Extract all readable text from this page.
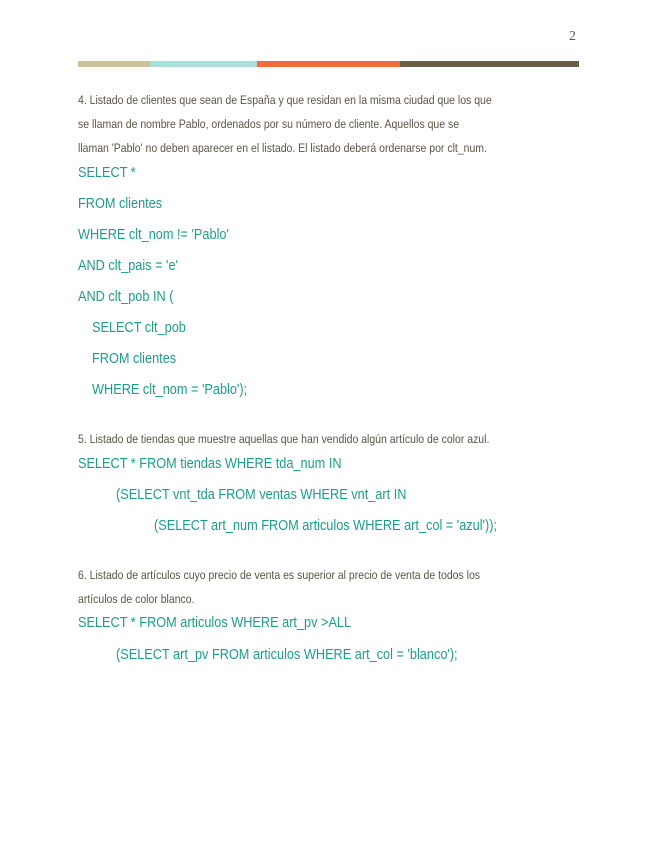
2
4. Listado de clientes que sean de España y que residan en la misma ciudad que los que
se llaman de nombre Pablo, ordenados por su número de cliente. Aquellos que se
llaman 'Pablo' no deben aparecer en el listado. El listado deberá ordenarse por clt_num.
SELECT *
FROM clientes
WHERE clt_nom != 'Pablo'
AND clt_pais = 'e'
AND clt_pob IN (
SELECT clt_pob
FROM clientes
WHERE clt_nom = 'Pablo');
5. Listado de tiendas que muestre aquellas que han vendido algún artículo de color azul.
SELECT * FROM tiendas WHERE tda_num IN
(SELECT vnt_tda FROM ventas WHERE vnt_art IN
(SELECT art_num FROM articulos WHERE art_col = 'azul'));
6. Listado de artículos cuyo precio de venta es superior al precio de venta de todos los
artículos de color blanco.
SELECT * FROM articulos WHERE art_pv >ALL
(SELECT art_pv FROM articulos WHERE art_col = 'blanco');
